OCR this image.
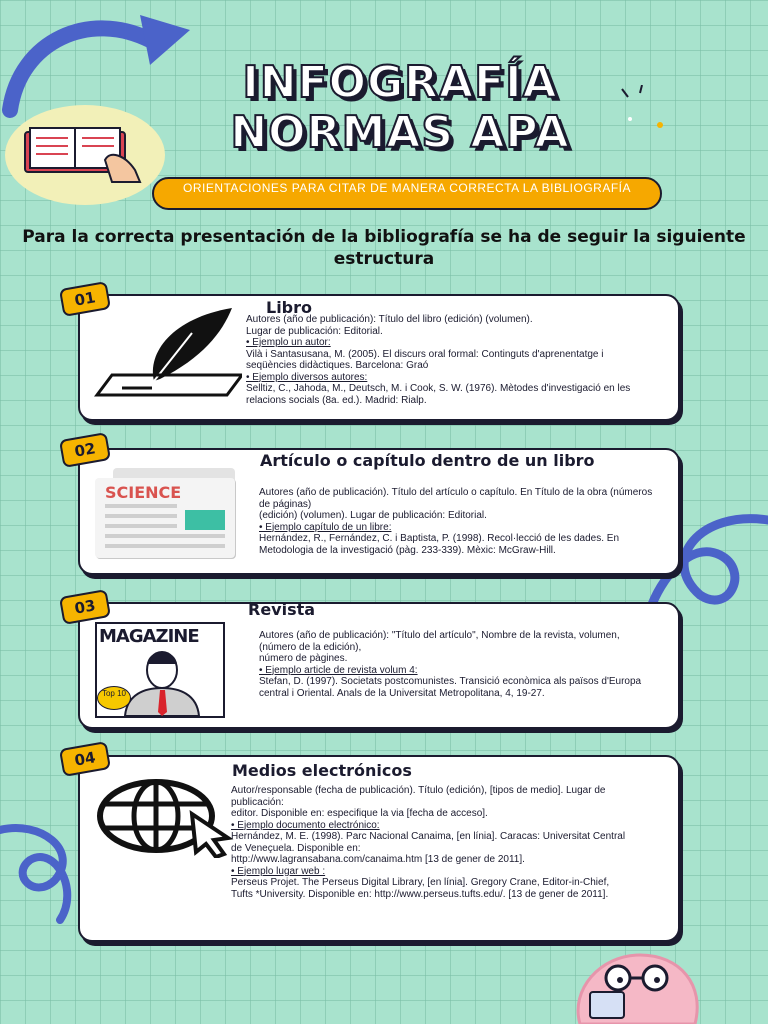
INFOGRAFÍA
NORMAS APA
ORIENTACIONES PARA CITAR DE MANERA CORRECTA LA BIBLIOGRAFÍA
Para la correcta presentación de la bibliografía se ha de seguir la siguiente estructura
01	Libro
Autores (año de publicación): Título del libro (edición) (volumen).
Lugar de publicación: Editorial.
• Ejemplo un autor:
Vilà i Santasusana, M. (2005). El discurs oral formal: Continguts d'aprenentatge i
seqüències didàctiques. Barcelona: Graó
• Ejemplo diversos autores:
Selltiz, C., Jahoda, M., Deutsch, M. i Cook, S. W. (1976). Mètodes d'investigació en les
relacions socials (8a. ed.). Madrid: Rialp.
02
SCIENCE
Artículo o capítulo dentro de un libro
Autores (año de publicación). Título del artículo o capítulo. En Título de la obra (números de páginas)
(edición) (volumen). Lugar de publicación: Editorial.
• Ejemplo capítulo de un libre:
Hernández, R., Fernández, C. i Baptista, P. (1998). Recol·lecció de les dades. En
Metodologia de la investigació (pàg. 233-339). Mèxic: McGraw-Hill.
03
MAGAZINE
Top 10
Revista
Autores (año de publicación): "Título del artículo", Nombre de la revista, volumen, (número de la edición),
número de pàgines.
• Ejemplo article de revista volum 4:
Stefan, D. (1997). Societats postcomunistes. Transició econòmica als països d'Europa
central i Oriental. Anals de la Universitat Metropolitana, 4, 19-27.
04
Medios electrónicos
Autor/responsable (fecha de publicación). Título (edición), [tipos de medio]. Lugar de publicación:
editor. Disponible en: especifique la via [fecha de acceso].
• Ejemplo documento electrónico:
Hernández, M. E. (1998). Parc Nacional Canaima, [en línia]. Caracas: Universitat Central
de Veneçuela. Disponible en:
http://www.lagransabana.com/canaima.htm [13 de gener de 2011].
• Ejemplo lugar web :
Perseus Projet. The Perseus Digital Library, [en línia]. Gregory Crane, Editor-in-Chief,
Tufts *University. Disponible en: http://www.perseus.tufts.edu/. [13 de gener de 2011].
